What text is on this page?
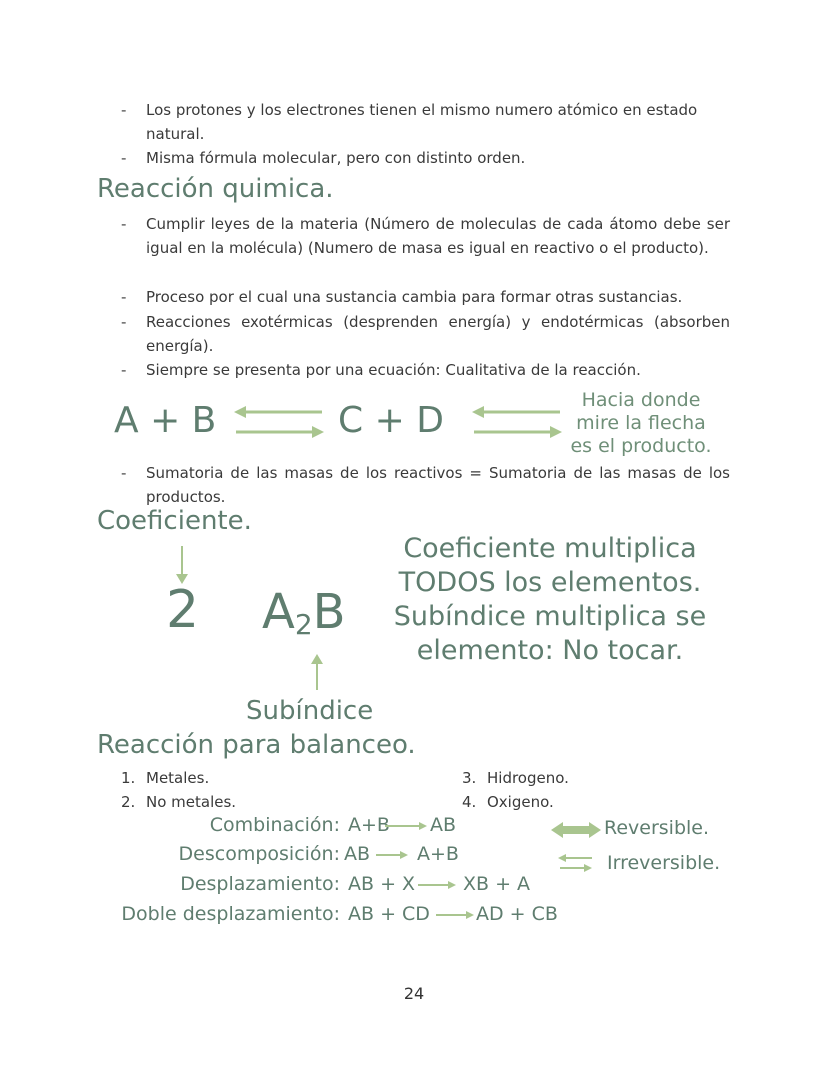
- Los protones y los electrones tienen el mismo numero atómico en estado natural.
- Misma fórmula molecular, pero con distinto orden.
Reacción quimica.
- Cumplir leyes de la materia (Número de moleculas de cada átomo debe ser igual en la molécula) (Numero de masa es igual en reactivo o el producto).
- Proceso por el cual una sustancia cambia para formar otras sustancias.
- Reacciones exotérmicas (desprenden energía) y endotérmicas (absorben energía).
- Siempre se presenta por una ecuación: Cualitativa de la reacción.
A + B	C + D	Hacia donde
mire la flecha
es el producto.
- Sumatoria de las masas de los reactivos = Sumatoria de las masas de los productos.
Coeficiente.
2 $A_2B$
Coeficiente multiplica
TODOS los elementos.
Subíndice multiplica se
elemento: No tocar.
Subíndice
Reacción para balanceo.
1. Metales.
2. No metales.
3. Hidrogeno.
4. Oxigeno.
Combinación: A+B AB
Descomposición: AB A+B
Desplazamiento: AB + X	XB + A
Doble desplazamiento: AB + CD AD + CB
Reversible.
⇌ Irreversible.
24
